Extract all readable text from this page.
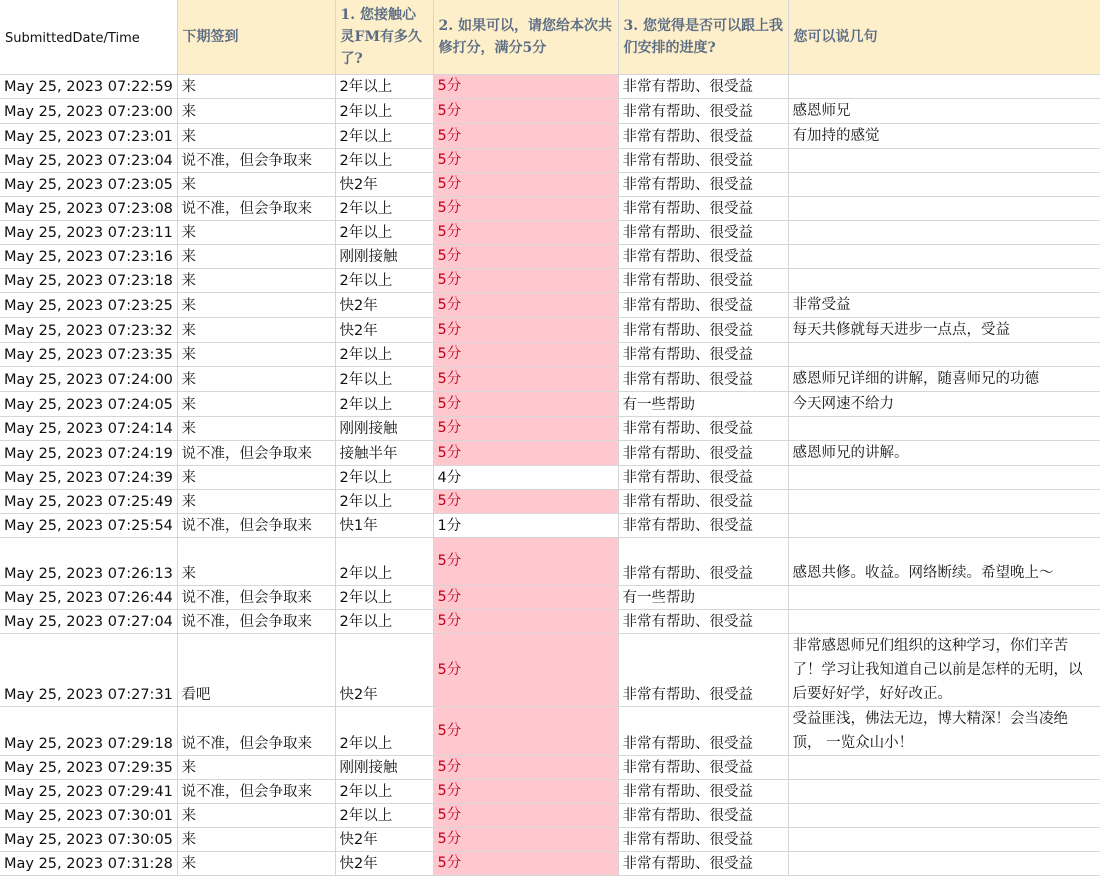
SubmittedDate/Time	下期签到	1. 您接触心灵FM有多久了?	2. 如果可以，请您给本次共修打分，满分5分	3. 您觉得是否可以跟上我们安排的进度?	您可以说几句
May 25, 2023 07:22:59	来	2年以上	5分	非常有帮助、很受益	
May 25, 2023 07:23:00	来	2年以上	5分	非常有帮助、很受益	感恩师兄
May 25, 2023 07:23:01	来	2年以上	5分	非常有帮助、很受益	有加持的感觉
May 25, 2023 07:23:04	说不准，但会争取来	2年以上	5分	非常有帮助、很受益	
May 25, 2023 07:23:05	来	快2年	5分	非常有帮助、很受益	
May 25, 2023 07:23:08	说不准，但会争取来	2年以上	5分	非常有帮助、很受益	
May 25, 2023 07:23:11	来	2年以上	5分	非常有帮助、很受益	
May 25, 2023 07:23:16	来	刚刚接触	5分	非常有帮助、很受益	
May 25, 2023 07:23:18	来	2年以上	5分	非常有帮助、很受益	
May 25, 2023 07:23:25	来	快2年	5分	非常有帮助、很受益	非常受益
May 25, 2023 07:23:32	来	快2年	5分	非常有帮助、很受益	每天共修就每天进步一点点，受益
May 25, 2023 07:23:35	来	2年以上	5分	非常有帮助、很受益	
May 25, 2023 07:24:00	来	2年以上	5分	非常有帮助、很受益	感恩师兄详细的讲解，随喜师兄的功德
May 25, 2023 07:24:05	来	2年以上	5分	有一些帮助	今天网速不给力
May 25, 2023 07:24:14	来	刚刚接触	5分	非常有帮助、很受益	
May 25, 2023 07:24:19	说不准，但会争取来	接触半年	5分	非常有帮助、很受益	感恩师兄的讲解。
May 25, 2023 07:24:39	来	2年以上	4分	非常有帮助、很受益	
May 25, 2023 07:25:49	来	2年以上	5分	非常有帮助、很受益	
May 25, 2023 07:25:54	说不准，但会争取来	快1年	1分	非常有帮助、很受益	
May 25, 2023 07:26:13	来	2年以上	5分	非常有帮助、很受益	感恩共修。收益。网络断续。希望晚上～
May 25, 2023 07:26:44	说不准，但会争取来	2年以上	5分	有一些帮助	
May 25, 2023 07:27:04	说不准，但会争取来	2年以上	5分	非常有帮助、很受益	
May 25, 2023 07:27:31	看吧	快2年	5分	非常有帮助、很受益	非常感恩师兄们组织的这种学习，你们辛苦了！学习让我知道自己以前是怎样的无明，以后要好好学，好好改正。
May 25, 2023 07:29:18	说不准，但会争取来	2年以上	5分	非常有帮助、很受益	受益匪浅，佛法无边，博大精深！会当凌绝顶， 一览众山小！
May 25, 2023 07:29:35	来	刚刚接触	5分	非常有帮助、很受益	
May 25, 2023 07:29:41	说不准，但会争取来	2年以上	5分	非常有帮助、很受益	
May 25, 2023 07:30:01	来	2年以上	5分	非常有帮助、很受益	
May 25, 2023 07:30:05	来	快2年	5分	非常有帮助、很受益	
May 25, 2023 07:31:28	来	快2年	5分	非常有帮助、很受益	
